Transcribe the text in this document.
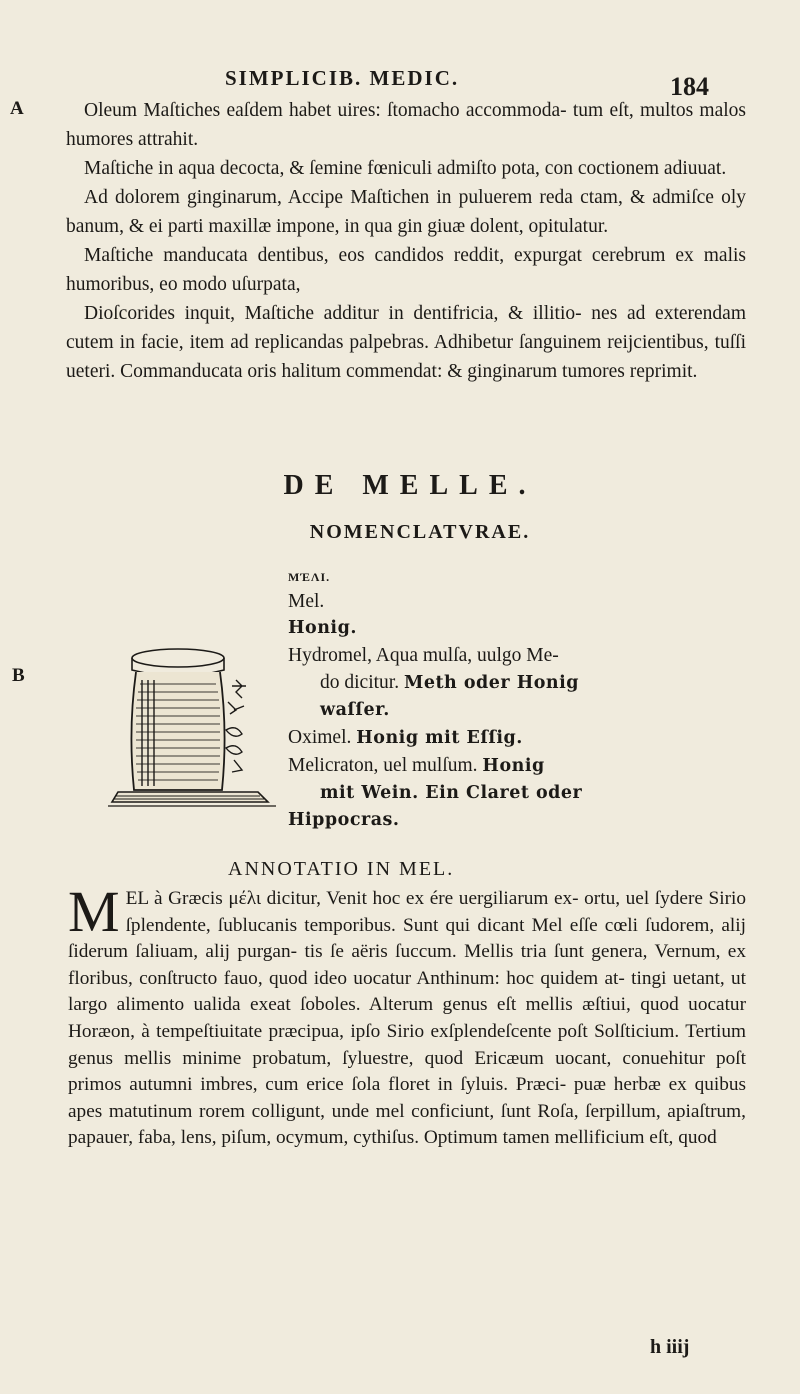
SIMPLICIB. MEDIC.	184
A
B

Oleum Maſtiches eaſdem habet uires: ſtomacho accommoda- tum eſt, multos malos humores attrahit.

Maſtiche in aqua decocta, & ſemine fœniculi admiſto pota, con coctionem adiuuat.

Ad dolorem ginginarum, Accipe Maſtichen in puluerem reda ctam, & admiſce oly banum, & ei parti maxillæ impone, in qua gin giuæ dolent, opitulatur.

Maſtiche manducata dentibus, eos candidos reddit, expurgat cerebrum ex malis humoribus, eo modo uſurpata,

Dioſcorides inquit, Maſtiche additur in dentifricia, & illitio- nes ad exterendam cutem in facie, item ad replicandas palpebras. Adhibetur ſanguinem reijcientibus, tuſſi ueteri. Commanducata oris halitum commendat: & ginginarum tumores reprimit.

DE MELLE.
NOMENCLATVRAE.
ΜΈΛΙ.
Mel.
Honig.
Hydromel, Aqua mulſa, uulgo Me-
do dicitur. Meth oder Honig
waſſer.
Oximel. Honig mit Eſſig.
Melicraton, uel mulſum. Honig
mit Wein. Ein Claret oder
Hippocras.
ANNOTATIO IN MEL.
M EL à Græcis μέλι dicitur, Venit hoc ex ére uergiliarum ex- ortu, uel ſydere Sirio ſplendente, ſublucanis temporibus. Sunt qui dicant Mel eſſe cœli ſudorem, alij ſiderum ſaliuam, alij purgan- tis ſe aëris ſuccum. Mellis tria ſunt genera, Vernum, ex floribus, conſtructo fauo, quod ideo uocatur Anthinum: hoc quidem at- tingi uetant, ut largo alimento ualida exeat ſoboles. Alterum genus eſt mellis æſtiui, quod uocatur Horæon, à tempeſtiuitate præcipua, ipſo Sirio exſplendeſcente poſt Solſticium. Tertium genus mellis minime probatum, ſyluestre, quod Ericæum uocant, conuehitur poſt primos autumni imbres, cum erice ſola floret in ſyluis. Præci- puæ herbæ ex quibus apes matutinum rorem colligunt, unde mel conficiunt, ſunt Roſa, ſerpillum, apiaſtrum, papauer, faba, lens, piſum, ocymum, cythiſus. Optimum tamen mellificium eſt, quod
h iiij
